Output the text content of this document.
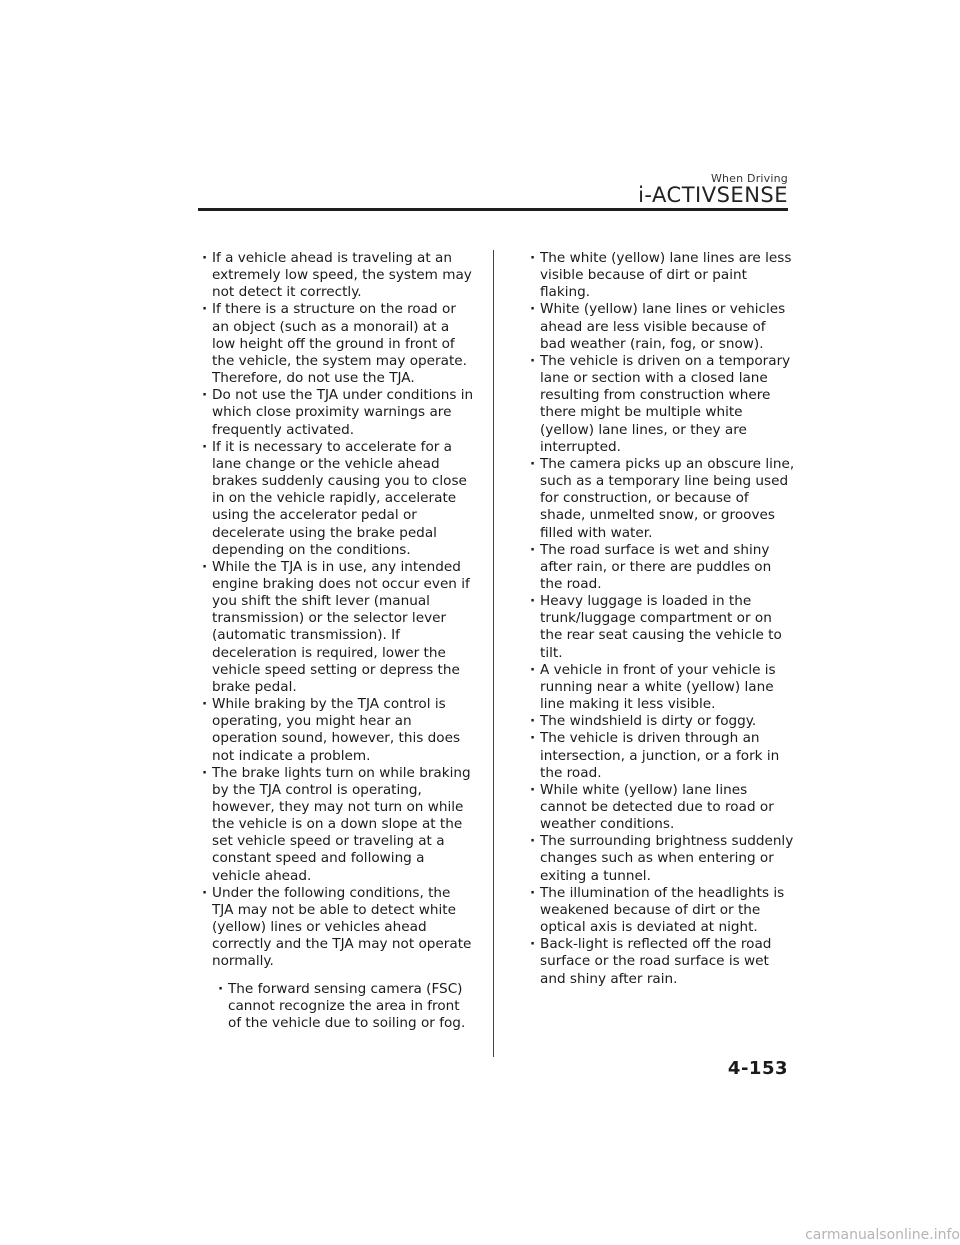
When Driving
i-ACTIVSENSE

· If a vehicle ahead is traveling at an extremely low speed, the system may not detect it correctly.

· If there is a structure on the road or an object (such as a monorail) at a low height off the ground in front of the vehicle, the system may operate. Therefore, do not use the TJA.

· Do not use the TJA under conditions in which close proximity warnings are frequently activated.

· If it is necessary to accelerate for a lane change or the vehicle ahead brakes suddenly causing you to close in on the vehicle rapidly, accelerate using the accelerator pedal or decelerate using the brake pedal depending on the conditions.

· While the TJA is in use, any intended engine braking does not occur even if you shift the shift lever (manual transmission) or the selector lever (automatic transmission). If deceleration is required, lower the vehicle speed setting or depress the brake pedal.

· While braking by the TJA control is operating, you might hear an operation sound, however, this does not indicate a problem.

· The brake lights turn on while braking by the TJA control is operating, however, they may not turn on while the vehicle is on a down slope at the set vehicle speed or traveling at a constant speed and following a vehicle ahead.

· Under the following conditions, the TJA may not be able to detect white (yellow) lines or vehicles ahead correctly and the TJA may not operate normally.

· The forward sensing camera (FSC) cannot recognize the area in front of the vehicle due to soiling or fog.

· The white (yellow) lane lines are less visible because of dirt or paint flaking.

· White (yellow) lane lines or vehicles ahead are less visible because of bad weather (rain, fog, or snow).

· The vehicle is driven on a temporary lane or section with a closed lane resulting from construction where there might be multiple white (yellow) lane lines, or they are interrupted.

· The camera picks up an obscure line, such as a temporary line being used for construction, or because of shade, unmelted snow, or grooves filled with water.

· The road surface is wet and shiny after rain, or there are puddles on the road.

· Heavy luggage is loaded in the trunk/luggage compartment or on the rear seat causing the vehicle to tilt.

· A vehicle in front of your vehicle is running near a white (yellow) lane line making it less visible.

· The windshield is dirty or foggy.

· The vehicle is driven through an intersection, a junction, or a fork in the road.

· While white (yellow) lane lines cannot be detected due to road or weather conditions.

· The surrounding brightness suddenly changes such as when entering or exiting a tunnel.

· The illumination of the headlights is weakened because of dirt or the optical axis is deviated at night.

· Back-light is reflected off the road surface or the road surface is wet and shiny after rain.

4-153
carmanualsonline.info
